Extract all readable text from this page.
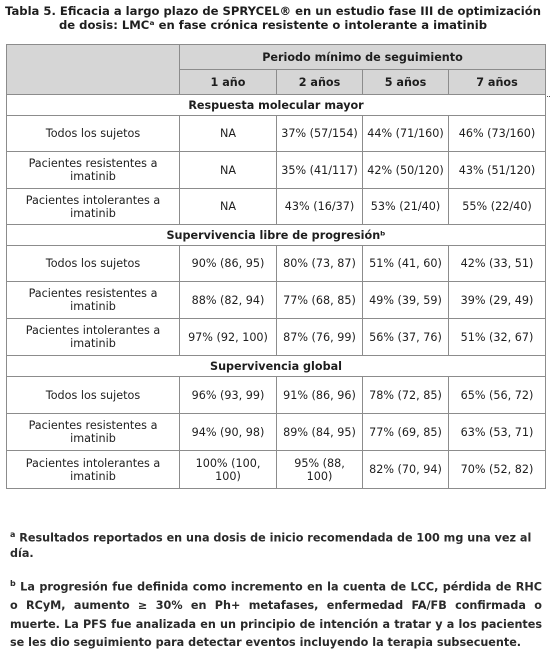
Tabla 5. Eficacia a largo plazo de SPRYCEL® en un estudio fase III de optimización
de dosis: LMCᵃ en fase crónica resistente o intolerante a imatinib
	Periodo mínimo de seguimiento			
	1 año	2 años	5 años	7 años
Respuesta molecular mayor				
Todos los sujetos	NA	37% (57/154)	44% (71/160)	46% (73/160)
Pacientes resistentes a imatinib	NA	35% (41/117)	42% (50/120)	43% (51/120)
Pacientes intolerantes a imatinib	NA	43% (16/37)	53% (21/40)	55% (22/40)
Supervivencia libre de progresiónᵇ				
Todos los sujetos	90% (86, 95)	80% (73, 87)	51% (41, 60)	42% (33, 51)
Pacientes resistentes a imatinib	88% (82, 94)	77% (68, 85)	49% (39, 59)	39% (29, 49)
Pacientes intolerantes a imatinib	97% (92, 100)	87% (76, 99)	56% (37, 76)	51% (32, 67)
Supervivencia global				
Todos los sujetos	96% (93, 99)	91% (86, 96)	78% (72, 85)	65% (56, 72)
Pacientes resistentes a imatinib	94% (90, 98)	89% (84, 95)	77% (69, 85)	63% (53, 71)
Pacientes intolerantes a imatinib	100% (100, 100)	95% (88, 100)	82% (70, 94)	70% (52, 82)
$^a$ Resultados reportados en una dosis de inicio recomendada de 100 mg una vez al día.
$^b$ La progresión fue definida como incremento en la cuenta de LCC, pérdida de RHC o RCyM, aumento ≥ 30% en Ph+ metafases, enfermedad FA/FB confirmada o muerte. La PFS fue analizada en un principio de intención a tratar y a los pacientes se les dio seguimiento para detectar eventos incluyendo la terapia subsecuente.
